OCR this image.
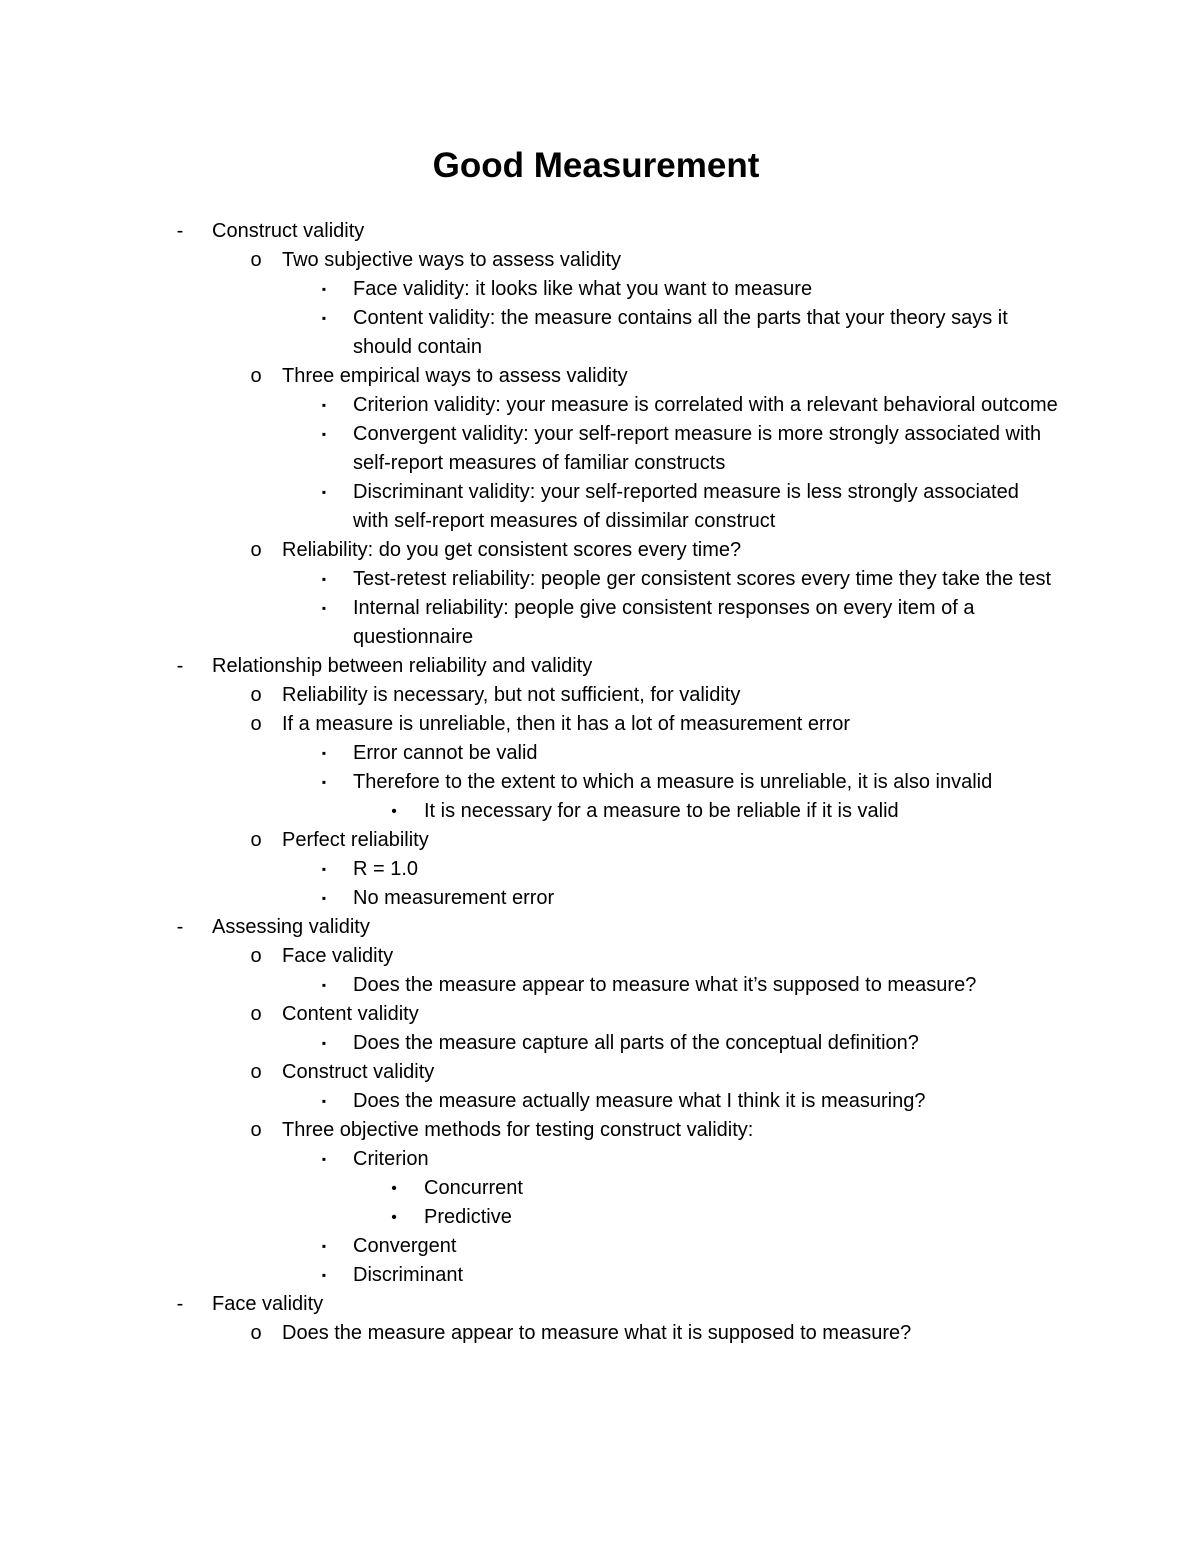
Good Measurement
-	Construct validity
o Two subjective ways to assess validity
▪	Face validity: it looks like what you want to measure
▪	Content validity: the measure contains all the parts that your theory says it should contain
o Three empirical ways to assess validity
▪	Criterion validity: your measure is correlated with a relevant behavioral outcome
▪	Convergent validity: your self-report measure is more strongly associated with self-report measures of familiar constructs
▪	Discriminant validity: your self-reported measure is less strongly associated with self-report measures of dissimilar construct
o Reliability: do you get consistent scores every time?
▪	Test-retest reliability: people ger consistent scores every time they take the test
▪	Internal reliability: people give consistent responses on every item of a questionnaire
-	Relationship between reliability and validity
o Reliability is necessary, but not sufficient, for validity
o If a measure is unreliable, then it has a lot of measurement error
▪	Error cannot be valid
▪	Therefore to the extent to which a measure is unreliable, it is also invalid
•	It is necessary for a measure to be reliable if it is valid
o Perfect reliability
▪	R = 1.0
▪	No measurement error
-	Assessing validity
o Face validity
▪	Does the measure appear to measure what it’s supposed to measure?
o Content validity
▪	Does the measure capture all parts of the conceptual definition?
o Construct validity
▪	Does the measure actually measure what I think it is measuring?
o Three objective methods for testing construct validity:
▪	Criterion
•	Concurrent
•	Predictive
▪	Convergent
▪	Discriminant
-	Face validity
o Does the measure appear to measure what it is supposed to measure?
